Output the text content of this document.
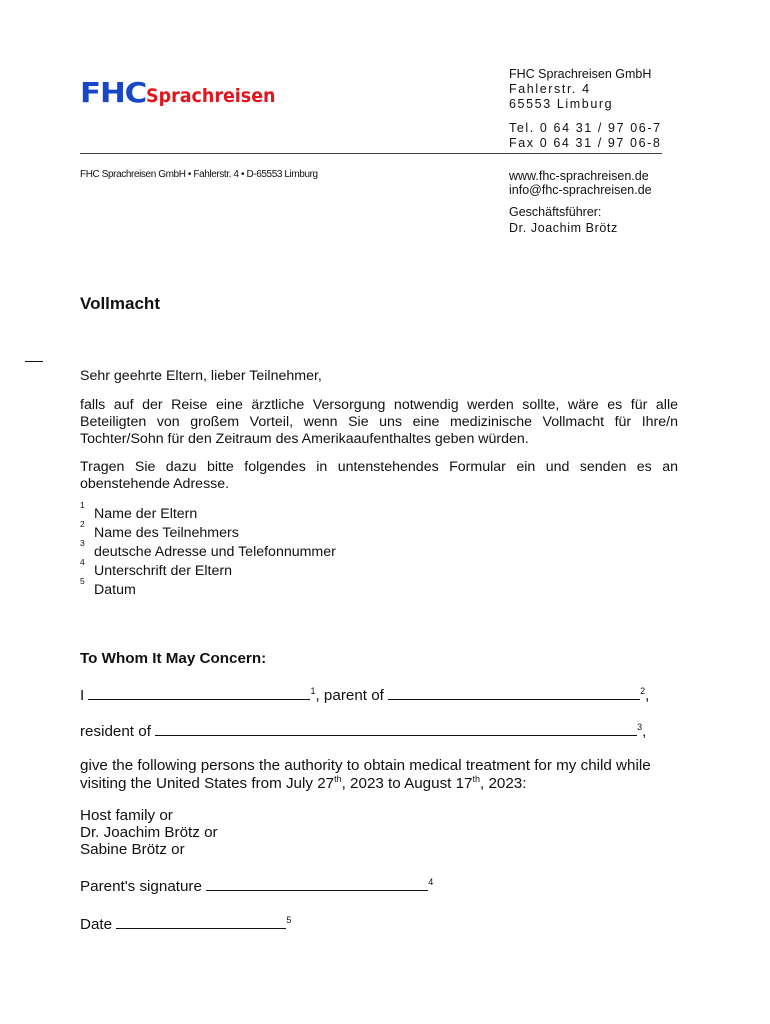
FHCSprachreisen
FHC Sprachreisen GmbH
Fahlerstr. 4
65553 Limburg
Tel. 0 64 31 / 97 06-7
Fax 0 64 31 / 97 06-8
FHC Sprachreisen GmbH • Fahlerstr. 4 • D-65553 Limburg	www.fhc-sprachreisen.de
info@fhc-sprachreisen.de
Geschäftsführer:
Dr. Joachim Brötz
Vollmacht
Sehr geehrte Eltern, lieber Teilnehmer,
falls auf der Reise eine ärztliche Versorgung notwendig werden sollte, wäre es für alle Beteiligten von großem Vorteil, wenn Sie uns eine medizinische Vollmacht für Ihre/n Tochter/Sohn für den Zeitraum des Amerikaaufenthaltes geben würden.
Tragen Sie dazu bitte folgendes in untenstehendes Formular ein und senden es an obenstehende Adresse.
1
Name der Eltern
2
Name des Teilnehmers
3
deutsche Adresse und Telefonnummer
4
Unterschrift der Eltern
5
Datum
To Whom It May Concern:
I	$^1$, parent of	$^2$,
resident of	$^3$,
give the following persons the authority to obtain medical treatment for my child while
visiting the United States from July 27th, 2023 to August 17th, 2023:
Host family or
Dr. Joachim Brötz or
Sabine Brötz or
Parent's signature	$^4$
Date	$^5$
